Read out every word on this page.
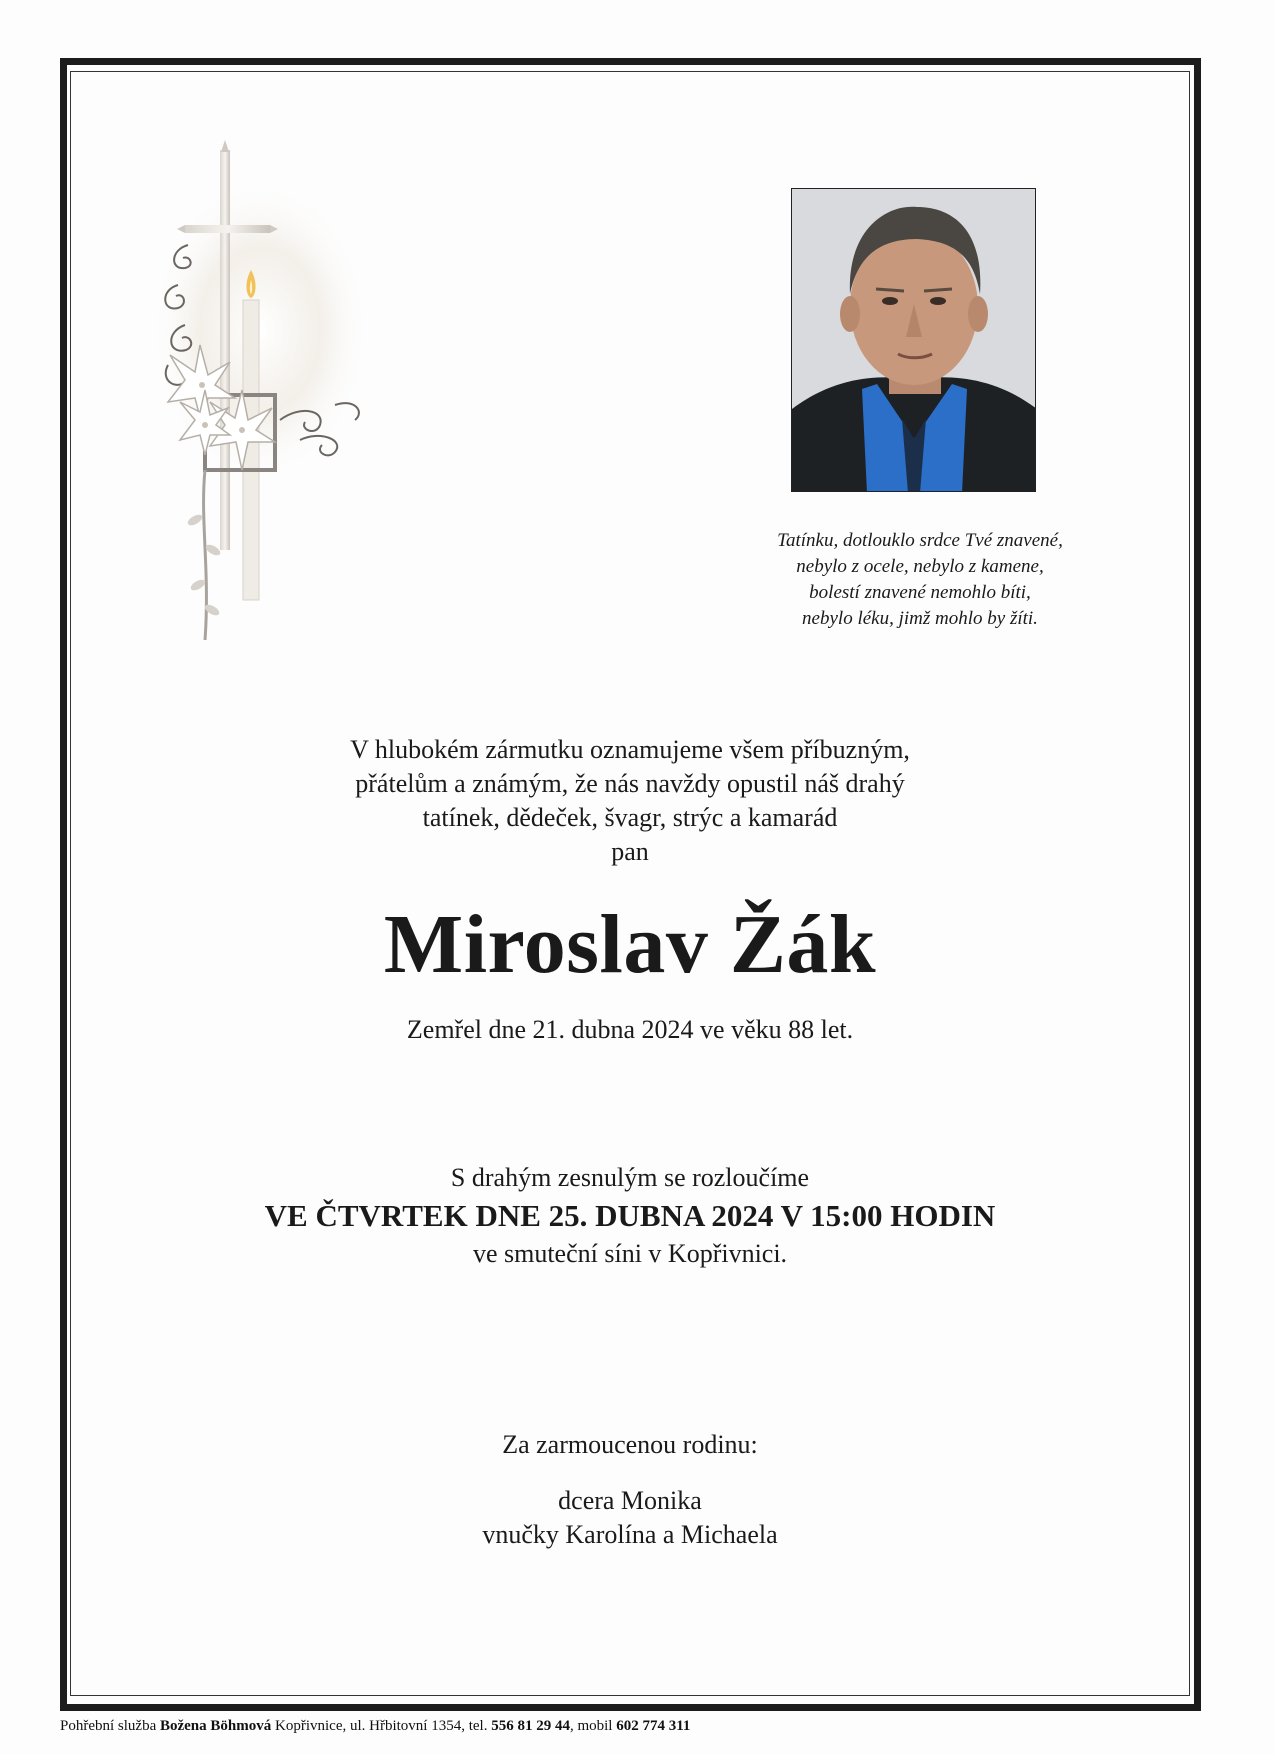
Tatínku, dotlouklo srdce Tvé znavené,
nebylo z ocele, nebylo z kamene,
bolestí znavené nemohlo bíti,
nebylo léku, jimž mohlo by žíti.
V hlubokém zármutku oznamujeme všem příbuzným,
přátelům a známým, že nás navždy opustil náš drahý
tatínek, dědeček, švagr, strýc a kamarád
pan
Miroslav Žák
Zemřel dne 21. dubna 2024 ve věku 88 let.
S drahým zesnulým se rozloučíme
VE ČTVRTEK DNE 25. DUBNA 2024 V 15:00 HODIN
ve smuteční síni v Kopřivnici.
Za zarmoucenou rodinu:
dcera Monika
vnučky Karolína a Michaela
Pohřební služba Božena Böhmová Kopřivnice, ul. Hřbitovní 1354, tel. 556 81 29 44, mobil 602 774 311
